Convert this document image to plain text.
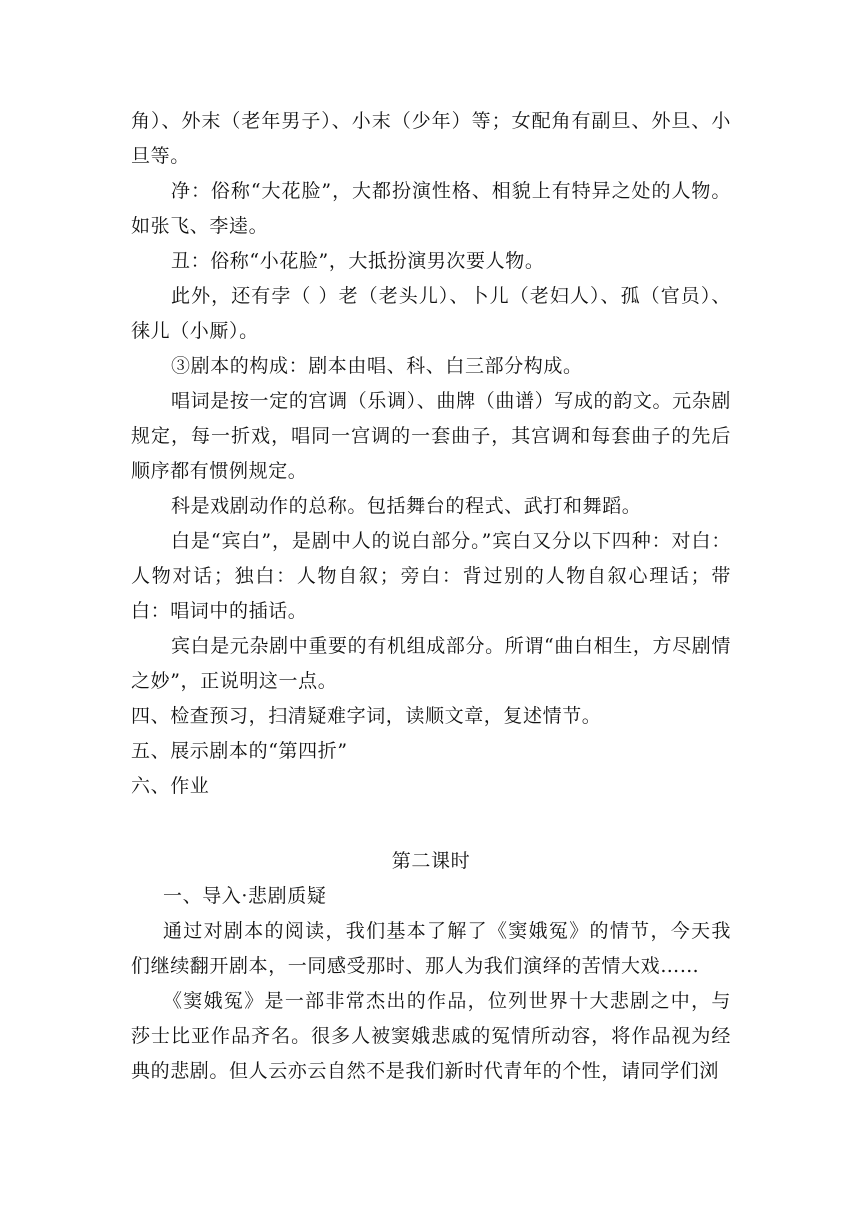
角）、外末（老年男子）、小末（少年）等；女配角有副旦、外旦、小旦等。

净：俗称“大花脸”，大都扮演性格、相貌上有特异之处的人物。如张飞、李逵。

丑：俗称“小花脸”，大抵扮演男次要人物。

此外，还有孛（ ）老（老头儿）、卜儿（老妇人）、孤（官员）、徕儿（小厮）。

③剧本的构成：剧本由唱、科、白三部分构成。

唱词是按一定的宫调（乐调）、曲牌（曲谱）写成的韵文。元杂剧规定，每一折戏，唱同一宫调的一套曲子，其宫调和每套曲子的先后顺序都有惯例规定。

科是戏剧动作的总称。包括舞台的程式、武打和舞蹈。

白是“宾白”，是剧中人的说白部分。”宾白又分以下四种：对白：人物对话；独白：人物自叙；旁白：背过别的人物自叙心理话；带白：唱词中的插话。

宾白是元杂剧中重要的有机组成部分。所谓“曲白相生，方尽剧情之妙”，正说明这一点。

四、检查预习，扫清疑难字词，读顺文章，复述情节。

五、展示剧本的“第四折”

六、作业

第二课时

一、导入·悲剧质疑

通过对剧本的阅读，我们基本了解了《窦娥冤》的情节，今天我们继续翻开剧本，一同感受那时、那人为我们演绎的苦情大戏……

《窦娥冤》是一部非常杰出的作品，位列世界十大悲剧之中，与莎士比亚作品齐名。很多人被窦娥悲戚的冤情所动容，将作品视为经典的悲剧。但人云亦云自然不是我们新时代青年的个性，请同学们浏
